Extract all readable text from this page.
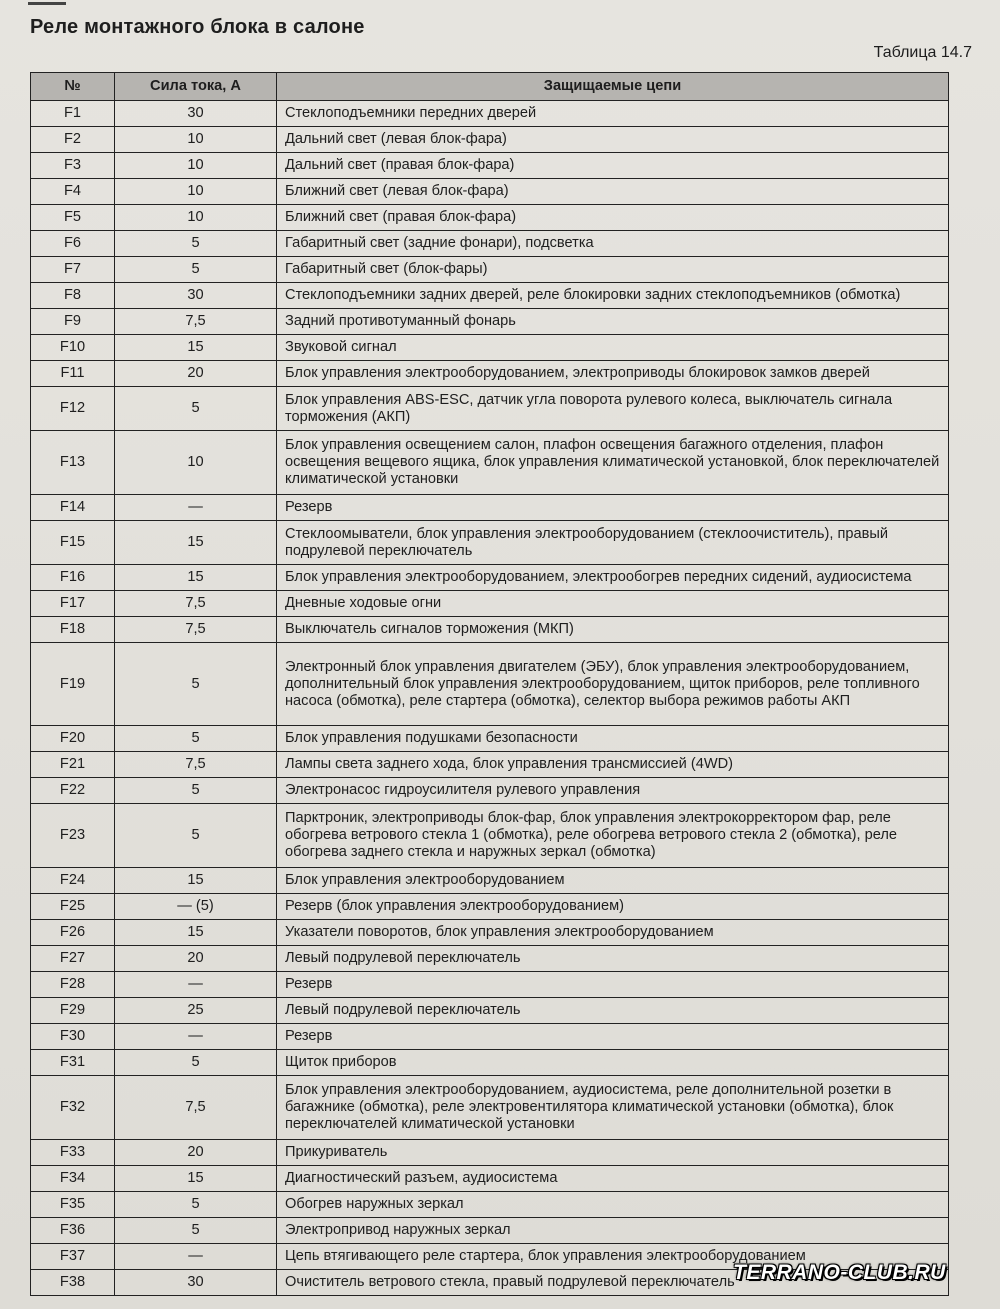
Реле монтажного блока в салоне
Таблица 14.7
№	Сила тока, А	Защищаемые цепи
F1	30	Стеклоподъемники передних дверей
F2	10	Дальний свет (левая блок-фара)
F3	10	Дальний свет (правая блок-фара)
F4	10	Ближний свет (левая блок-фара)
F5	10	Ближний свет (правая блок-фара)
F6	5	Габаритный свет (задние фонари), подсветка
F7	5	Габаритный свет (блок-фары)
F8	30	Стеклоподъемники задних дверей, реле блокировки задних стеклоподъемников (обмотка)
F9	7,5	Задний противотуманный фонарь
F10	15	Звуковой сигнал
F11	20	Блок управления электрооборудованием, электроприводы блокировок замков дверей
F12	5	Блок управления ABS-ESC, датчик угла поворота рулевого колеса, выключатель сигнала торможения (АКП)
F13	10	Блок управления освещением салон, плафон освещения багажного отделения, плафон освещения вещевого ящика, блок управления климатической установкой, блок переключателей климатической установки
F14	—	Резерв
F15	15	Стеклоомыватели, блок управления электрооборудованием (стеклоочиститель), правый подрулевой переключатель
F16	15	Блок управления электрооборудованием, электрообогрев передних сидений, аудиосистема
F17	7,5	Дневные ходовые огни
F18	7,5	Выключатель сигналов торможения (МКП)
F19	5	Электронный блок управления двигателем (ЭБУ), блок управления электрооборудованием, дополнительный блок управления электрооборудованием, щиток приборов, реле топливного насоса (обмотка), реле стартера (обмотка), селектор выбора режимов работы АКП
F20	5	Блок управления подушками безопасности
F21	7,5	Лампы света заднего хода, блок управления трансмиссией (4WD)
F22	5	Электронасос гидроусилителя рулевого управления
F23	5	Парктроник, электроприводы блок-фар, блок управления электрокорректором фар, реле обогрева ветрового стекла 1 (обмотка), реле обогрева ветрового стекла 2 (обмотка), реле обогрева заднего стекла и наружных зеркал (обмотка)
F24	15	Блок управления электрооборудованием
F25	— (5)	Резерв (блок управления электрооборудованием)
F26	15	Указатели поворотов, блок управления электрооборудованием
F27	20	Левый подрулевой переключатель
F28	—	Резерв
F29	25	Левый подрулевой переключатель
F30	—	Резерв
F31	5	Щиток приборов
F32	7,5	Блок управления электрооборудованием, аудиосистема, реле дополнительной розетки в багажнике (обмотка), реле электровентилятора климатической установки (обмотка), блок переключателей климатической установки
F33	20	Прикуриватель
F34	15	Диагностический разъем, аудиосистема
F35	5	Обогрев наружных зеркал
F36	5	Электропривод наружных зеркал
F37	—	Цепь втягивающего реле стартера, блок управления электрооборудованием
F38	30	Очиститель ветрового стекла, правый подрулевой переключатель
TERRANO-CLUB.RU
